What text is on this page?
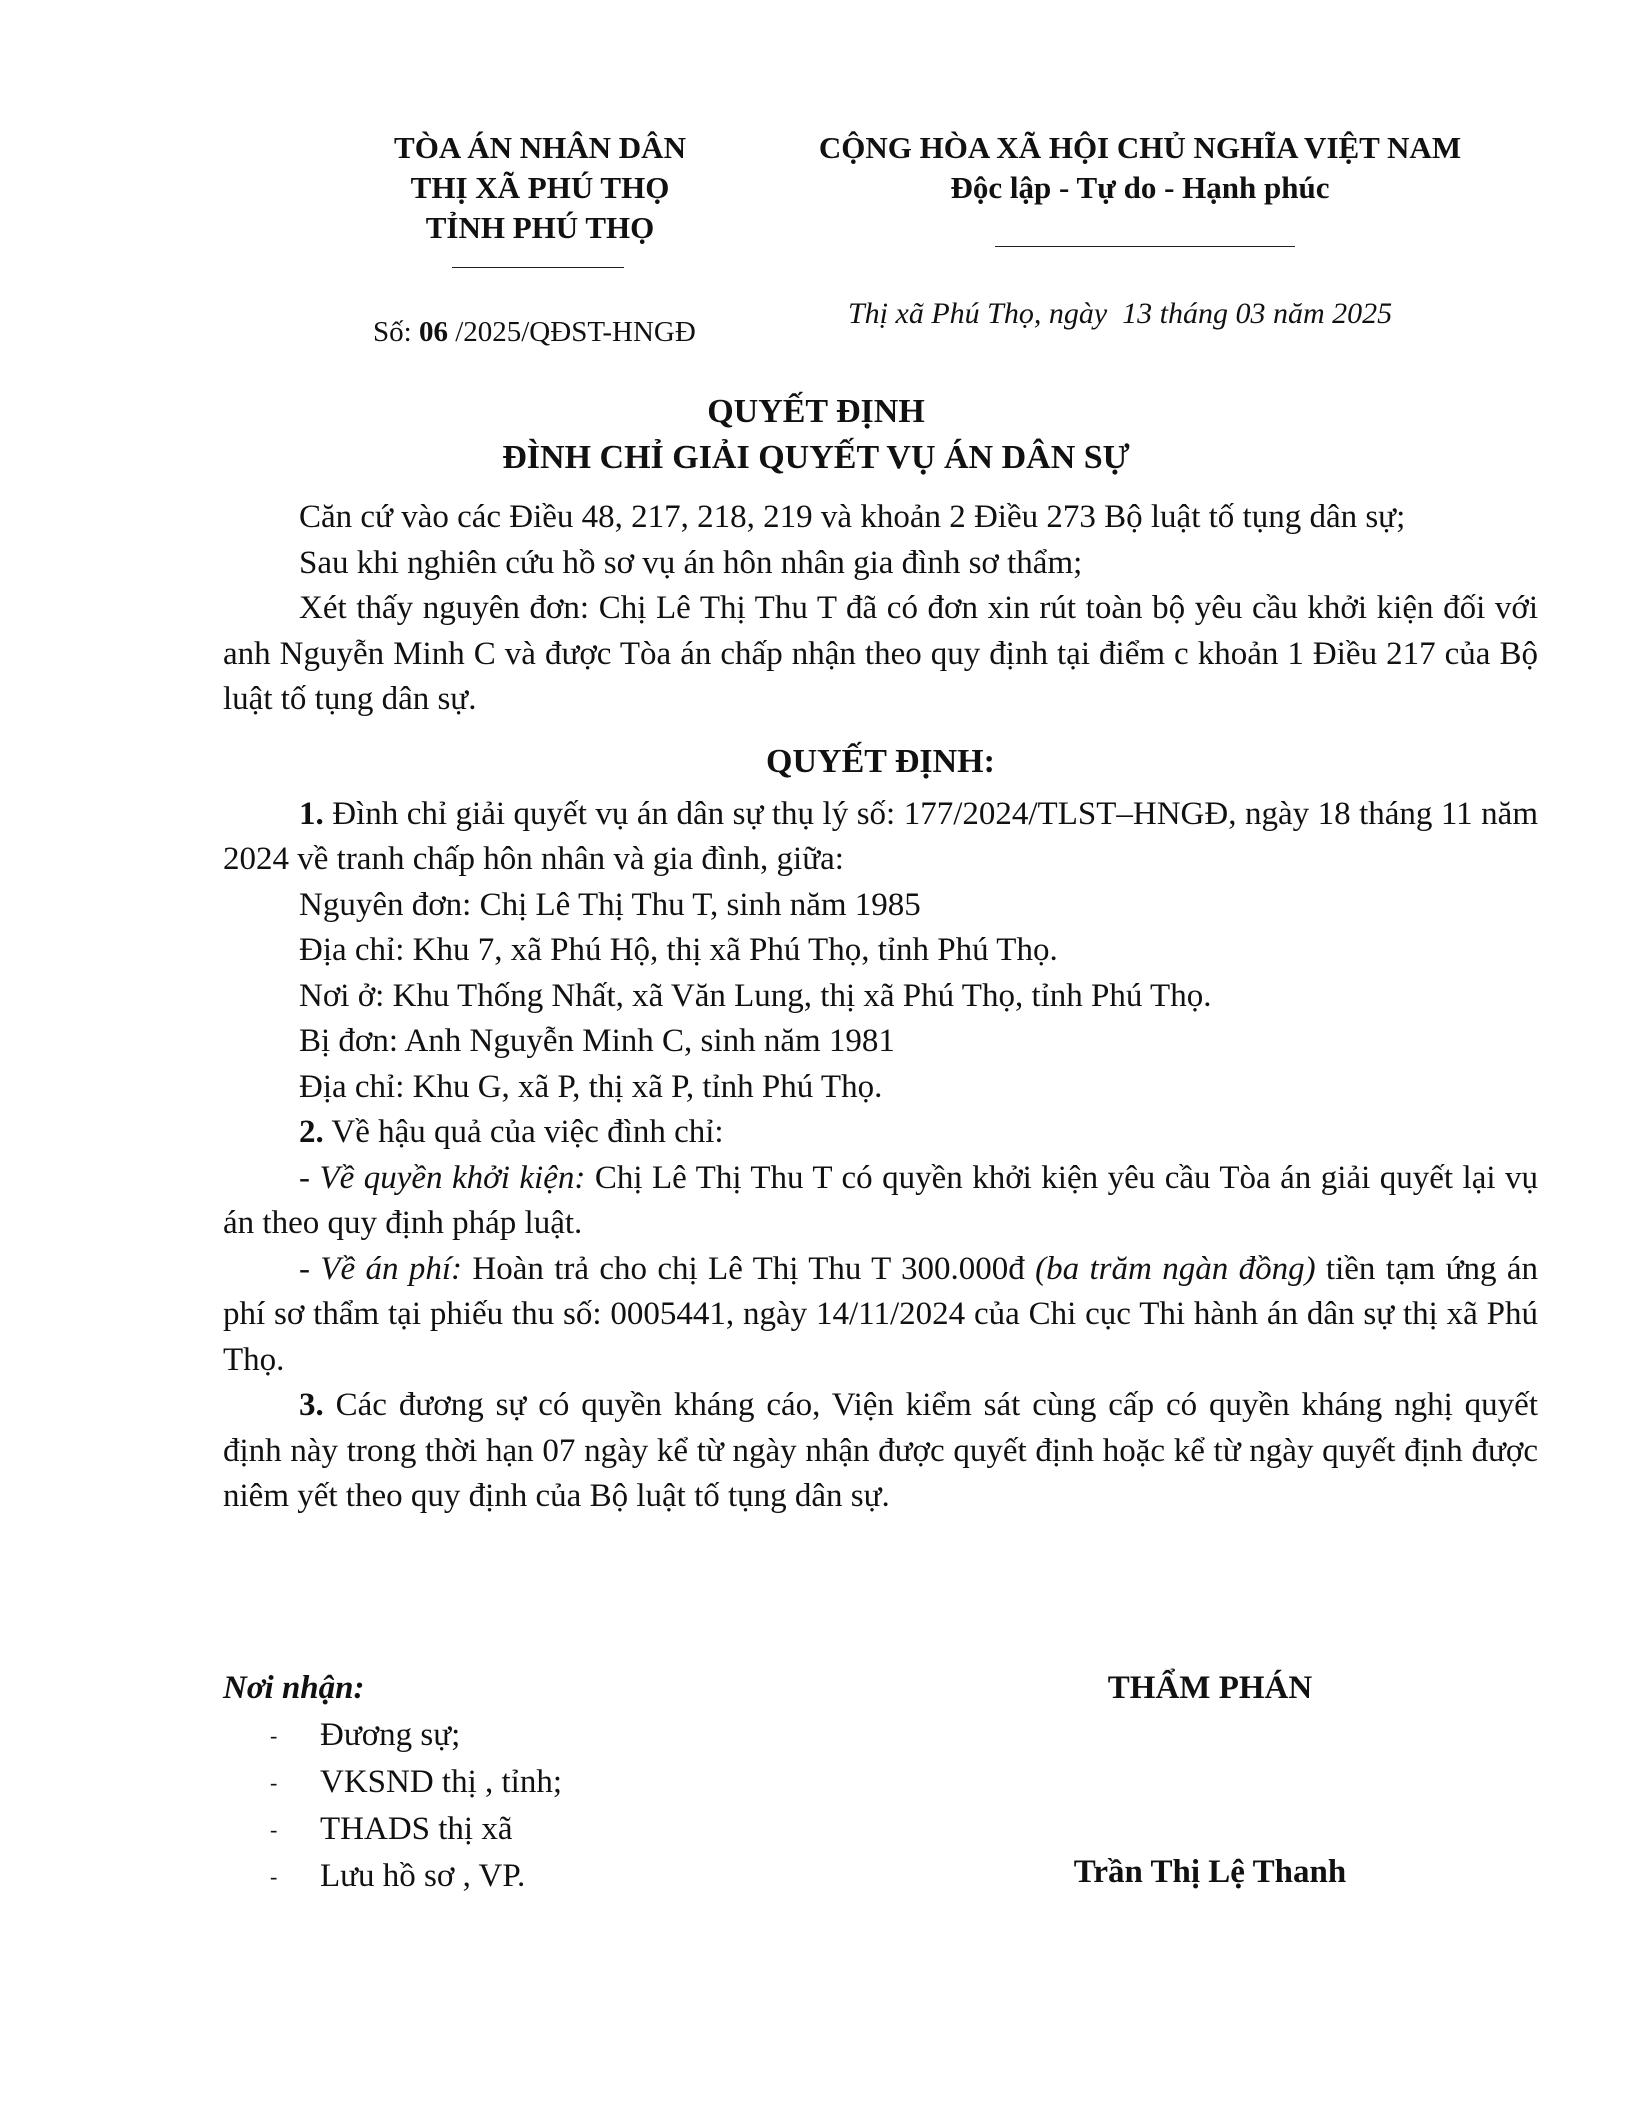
TÒA ÁN NHÂN DÂN
THỊ XÃ PHÚ THỌ
TỈNH PHÚ THỌ
CỘNG HÒA XÃ HỘI CHỦ NGHĨA VIỆT NAM
Độc lập - Tự do - Hạnh phúc
Số: 06 /2025/QĐST-HNGĐ
Thị xã Phú Thọ, ngày  13 tháng 03 năm 2025
QUYẾT ĐỊNH
ĐÌNH CHỈ GIẢI QUYẾT VỤ ÁN DÂN SỰ

Căn cứ vào các Điều 48, 217, 218, 219 và khoản 2 Điều 273 Bộ luật tố tụng dân sự;

Sau khi nghiên cứu hồ sơ vụ án hôn nhân gia đình sơ thẩm;

Xét thấy nguyên đơn: Chị Lê Thị Thu T đã có đơn xin rút toàn bộ yêu cầu khởi kiện đối với anh Nguyễn Minh C và được Tòa án chấp nhận theo quy định tại điểm c khoản 1 Điều 217 của Bộ luật tố tụng dân sự.

QUYẾT ĐỊNH:

1. Đình chỉ giải quyết vụ án dân sự thụ lý số: 177/2024/TLST–HNGĐ, ngày 18 tháng 11 năm 2024 về tranh chấp hôn nhân và gia đình, giữa:

Nguyên đơn: Chị Lê Thị Thu T, sinh năm 1985

Địa chỉ: Khu 7, xã Phú Hộ, thị xã Phú Thọ, tỉnh Phú Thọ.

Nơi ở: Khu Thống Nhất, xã Văn Lung, thị xã Phú Thọ, tỉnh Phú Thọ.

Bị đơn: Anh Nguyễn Minh C, sinh năm 1981

Địa chỉ: Khu G, xã P, thị xã P, tỉnh Phú Thọ.

2. Về hậu quả của việc đình chỉ:

- Về quyền khởi kiện: Chị Lê Thị Thu T có quyền khởi kiện yêu cầu Tòa án giải quyết lại vụ án theo quy định pháp luật.

- Về án phí: Hoàn trả cho chị Lê Thị Thu T 300.000đ (ba trăm ngàn đồng) tiền tạm ứng án phí sơ thẩm tại phiếu thu số: 0005441, ngày 14/11/2024 của Chi cục Thi hành án dân sự thị xã Phú Thọ.

3. Các đương sự có quyền kháng cáo, Viện kiểm sát cùng cấp có quyền kháng nghị quyết định này trong thời hạn 07 ngày kể từ ngày nhận được quyết định hoặc kể từ ngày quyết định được niêm yết theo quy định của Bộ luật tố tụng dân sự.

Nơi nhận:
- Đương sự;
- VKSND thị , tỉnh;
- THADS thị xã
- Lưu hồ sơ , VP.
THẨM PHÁN
Trần Thị Lệ Thanh
